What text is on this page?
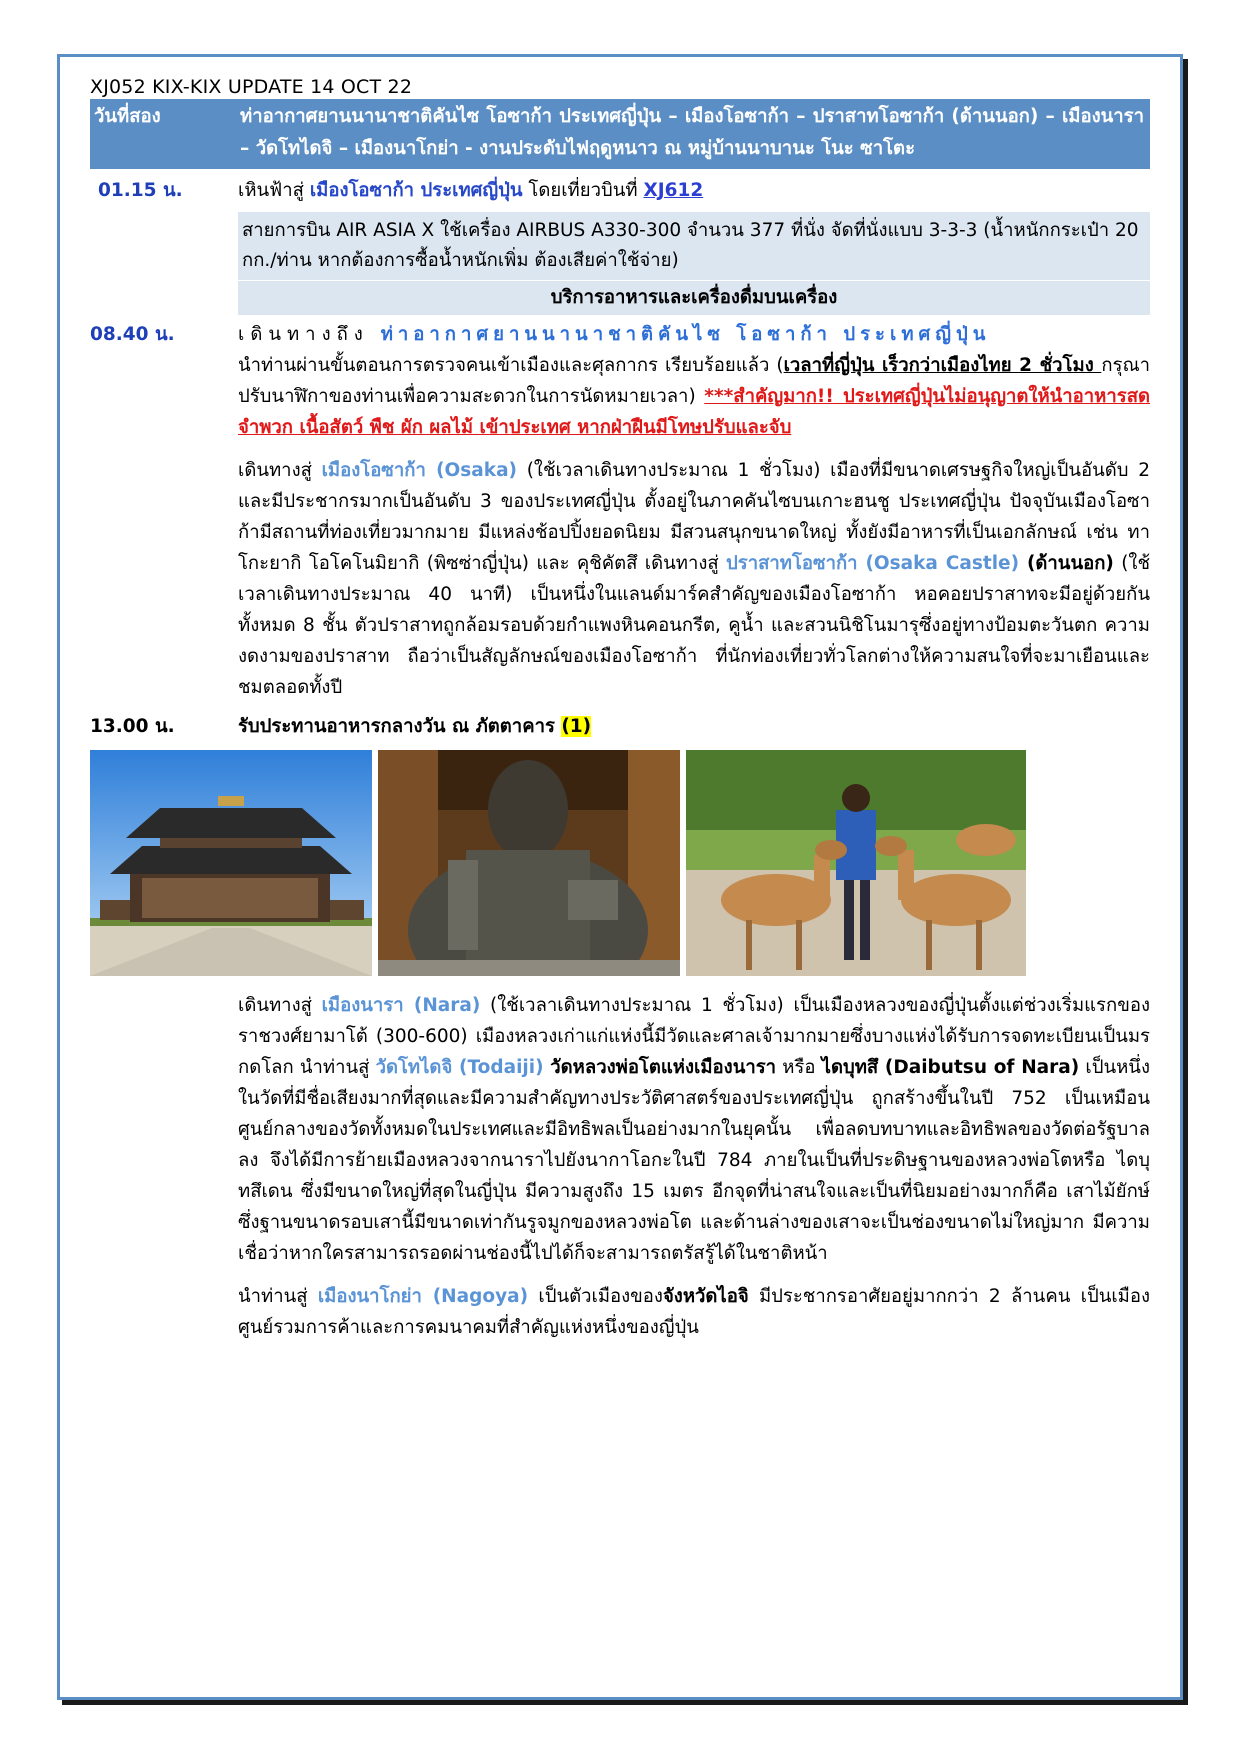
XJ052 KIX-KIX UPDATE 14 OCT 22
วันที่สอง	ท่าอากาศยานนานาชาติคันไซ โอซาก้า ประเทศญี่ปุ่น – เมืองโอซาก้า – ปราสาทโอซาก้า (ด้านนอก) – เมืองนารา – วัดโทไดจิ – เมืองนาโกย่า - งานประดับไฟฤดูหนาว ณ หมู่บ้านนาบานะ โนะ ซาโตะ
01.15 น.	เหินฟ้าสู่ เมืองโอซาก้า ประเทศญี่ปุ่น โดยเที่ยวบินที่ XJ612
สายการบิน AIR ASIA X ใช้เครื่อง AIRBUS A330-300 จำนวน 377 ที่นั่ง จัดที่นั่งแบบ 3-3-3 (น้ำหนักกระเป๋า 20 กก./ท่าน หากต้องการซื้อน้ำหนักเพิ่ม ต้องเสียค่าใช้จ่าย)
บริการอาหารและเครื่องดื่มบนเครื่อง
08.40 น.	เดินทางถึง ท่าอากาศยานนานาชาติคันไซ โอซาก้า ประเทศญี่ปุ่น
นำท่านผ่านขั้นตอนการตรวจคนเข้าเมืองและศุลกากร เรียบร้อยแล้ว (เวลาที่ญี่ปุ่น เร็วกว่าเมืองไทย 2 ชั่วโมง กรุณาปรับนาฬิกาของท่านเพื่อความสะดวกในการนัดหมายเวลา) ***สำคัญมาก!! ประเทศญี่ปุ่นไม่อนุญาตให้นำอาหารสด จำพวก เนื้อสัตว์ พืช ผัก ผลไม้ เข้าประเทศ หากฝ่าฝืนมีโทษปรับและจับ
เดินทางสู่ เมืองโอซาก้า (Osaka) (ใช้เวลาเดินทางประมาณ 1 ชั่วโมง) เมืองที่มีขนาดเศรษฐกิจใหญ่เป็นอันดับ 2 และมีประชากรมากเป็นอันดับ 3 ของประเทศญี่ปุ่น ตั้งอยู่ในภาคคันไซบนเกาะฮนชู ประเทศญี่ปุ่น ปัจจุบันเมืองโอซาก้ามีสถานที่ท่องเที่ยวมากมาย มีแหล่งช้อปปิ้งยอดนิยม มีสวนสนุกขนาดใหญ่ ทั้งยังมีอาหารที่เป็นเอกลักษณ์ เช่น ทาโกะยากิ โอโคโนมิยากิ (พิซซ่าญี่ปุ่น) และ คุชิคัตสึ เดินทางสู่ ปราสาทโอซาก้า (Osaka Castle) (ด้านนอก) (ใช้เวลาเดินทางประมาณ 40 นาที) เป็นหนึ่งในแลนด์มาร์คสำคัญของเมืองโอซาก้า หอคอยปราสาทจะมีอยู่ด้วยกันทั้งหมด 8 ชั้น ตัวปราสาทถูกล้อมรอบด้วยกำแพงหินคอนกรีต, คูน้ำ และสวนนิชิโนมารุซึ่งอยู่ทางป้อมตะวันตก ความงดงามของปราสาท ถือว่าเป็นสัญลักษณ์ของเมืองโอซาก้า ที่นักท่องเที่ยวทั่วโลกต่างให้ความสนใจที่จะมาเยือนและชมตลอดทั้งปี
13.00 น.	รับประทานอาหารกลางวัน ณ ภัตตาคาร (1)
เดินทางสู่ เมืองนารา (Nara) (ใช้เวลาเดินทางประมาณ 1 ชั่วโมง) เป็นเมืองหลวงของญี่ปุ่นตั้งแต่ช่วงเริ่มแรกของราชวงศ์ยามาโต้ (300-600) เมืองหลวงเก่าแก่แห่งนี้มีวัดและศาลเจ้ามากมายซึ่งบางแห่งได้รับการจดทะเบียนเป็นมรกดโลก นำท่านสู่ วัดโทไดจิ (Todaiji) วัดหลวงพ่อโตแห่งเมืองนารา หรือ ไดบุทสึ (Daibutsu of Nara) เป็นหนึ่งในวัดที่มีชื่อเสียงมากที่สุดและมีความสำคัญทางประวัติศาสตร์ของประเทศญี่ปุ่น ถูกสร้างขึ้นในปี 752 เป็นเหมือนศูนย์กลางของวัดทั้งหมดในประเทศและมีอิทธิพลเป็นอย่างมากในยุคนั้น เพื่อลดบทบาทและอิทธิพลของวัดต่อรัฐบาลลง จึงได้มีการย้ายเมืองหลวงจากนาราไปยังนากาโอกะในปี 784 ภายในเป็นที่ประดิษฐานของหลวงพ่อโตหรือ ไดบุทสึเดน ซึ่งมีขนาดใหญ่ที่สุดในญี่ปุ่น มีความสูงถึง 15 เมตร อีกจุดที่น่าสนใจและเป็นที่นิยมอย่างมากก็คือ เสาไม้ยักษ์ ซึ่งฐานขนาดรอบเสานี้มีขนาดเท่ากันรูจมูกของหลวงพ่อโต และด้านล่างของเสาจะเป็นช่องขนาดไม่ใหญ่มาก มีความเชื่อว่าหากใครสามารถรอดผ่านช่องนี้ไปได้ก็จะสามารถตรัสรู้ได้ในชาติหน้า
นำท่านสู่ เมืองนาโกย่า (Nagoya) เป็นตัวเมืองของจังหวัดไอจิ มีประชากรอาศัยอยู่มากกว่า 2 ล้านคน เป็นเมืองศูนย์รวมการค้าและการคมนาคมที่สำคัญแห่งหนึ่งของญี่ปุ่น
